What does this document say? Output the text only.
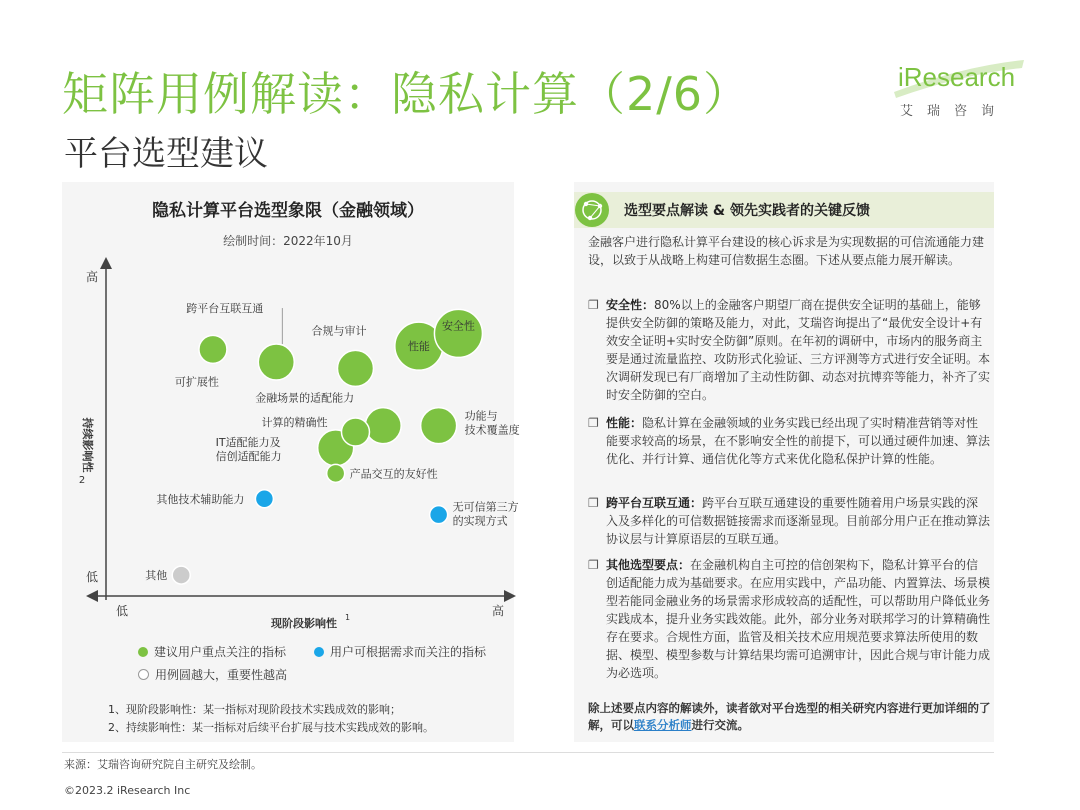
矩阵用例解读：隐私计算（2/6）
平台选型建议
iResearch
艾瑞咨询
隐私计算平台选型象限（金融领域）
绘制时间：2022年10月
高
低
低	高
现阶段影响性 1
持续影响性
2
跨平台互联互通
可扩展性
合规与审计
性能
安全性
计算的精确性
金融场景的适配能力
功能与
技术覆盖度
IT适配能力及
信创适配能力
产品交互的友好性
其他技术辅助能力
无可信第三方
的实现方式
其他
建议用户重点关注的指标	用户可根据需求而关注的指标
用例圆越大，重要性越高
1、现阶段影响性：某一指标对现阶段技术实践成效的影响；
2、持续影响性：某一指标对后续平台扩展与技术实践成效的影响。
选型要点解读 & 领先实践者的关键反馈
金融客户进行隐私计算平台建设的核心诉求是为实现数据的可信流通能力建设，以致于从战略上构建可信数据生态圈。下述从要点能力展开解读。
❐ 安全性：80%以上的金融客户期望厂商在提供安全证明的基础上，能够提供安全防御的策略及能力，对此，艾瑞咨询提出了“最优安全设计+有效安全证明+实时安全防御”原则。在年初的调研中，市场内的服务商主要是通过流量监控、攻防形式化验证、三方评测等方式进行安全证明。本次调研发现已有厂商增加了主动性防御、动态对抗博弈等能力，补齐了实时安全防御的空白。
❐ 性能：隐私计算在金融领域的业务实践已经出现了实时精准营销等对性能要求较高的场景，在不影响安全性的前提下，可以通过硬件加速、算法优化、并行计算、通信优化等方式来优化隐私保护计算的性能。
❐ 跨平台互联互通：跨平台互联互通建设的重要性随着用户场景实践的深入及多样化的可信数据链接需求而逐渐显现。目前部分用户正在推动算法协议层与计算原语层的互联互通。
❐ 其他选型要点：在金融机构自主可控的信创架构下，隐私计算平台的信创适配能力成为基础要求。在应用实践中，产品功能、内置算法、场景模型若能同金融业务的场景需求形成较高的适配性，可以帮助用户降低业务实践成本，提升业务实践效能。此外，部分业务对联邦学习的计算精确性存在要求。合规性方面，监管及相关技术应用规范要求算法所使用的数据、模型、模型参数与计算结果均需可追溯审计，因此合规与审计能力成为必选项。
除上述要点内容的解读外，读者欲对平台选型的相关研究内容进行更加详细的了解，可以联系分析师进行交流。
来源：艾瑞咨询研究院自主研究及绘制。
©2023.2 iResearch Inc
